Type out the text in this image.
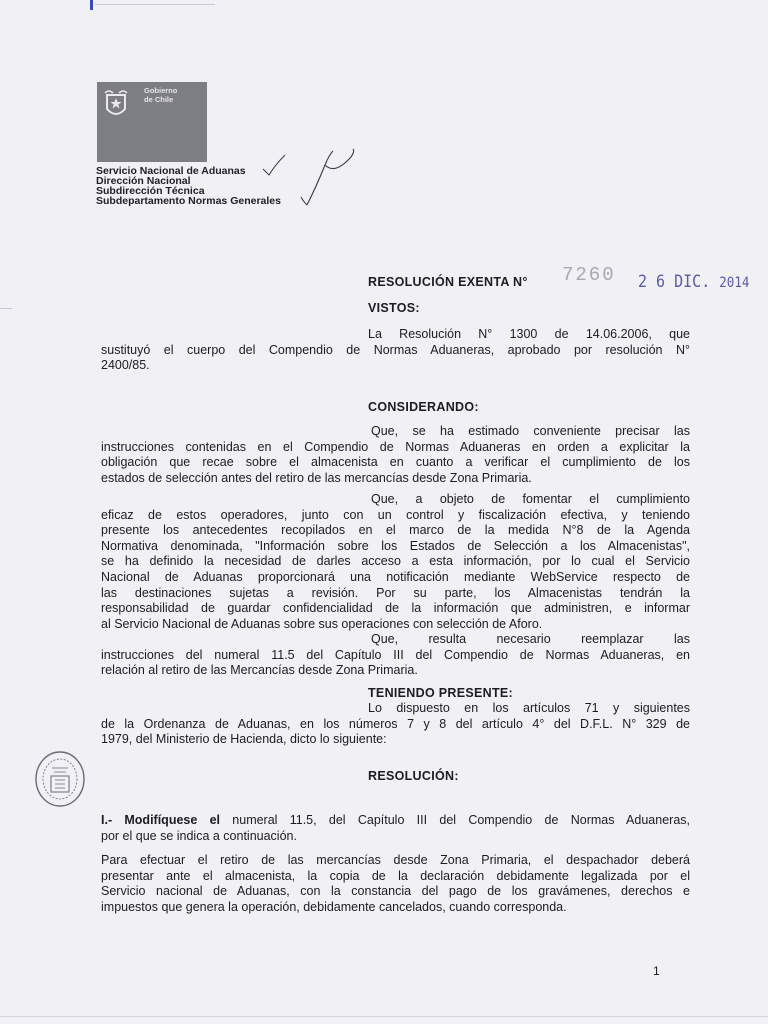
Gobierno
de Chile
Servicio Nacional de Aduanas
Dirección Nacional
Subdirección Técnica
Subdepartamento Normas Generales
RESOLUCIÓN EXENTA N° 7260 2 6 DIC. 2014
VISTOS:
La Resolución N° 1300 de 14.06.2006, que
sustituyó el cuerpo del Compendio de Normas Aduaneras, aprobado por resolución N°
2400/85.
CONSIDERANDO:
Que, se ha estimado conveniente precisar las
instrucciones contenidas en el Compendio de Normas Aduaneras en orden a explicitar la
obligación que recae sobre el almacenista en cuanto a verificar el cumplimiento de los
estados de selección antes del retiro de las mercancías desde Zona Primaria.
Que, a objeto de fomentar el cumplimiento
eficaz de estos operadores, junto con un control y fiscalización efectiva, y teniendo
presente los antecedentes recopilados en el marco de la medida N°8 de la Agenda
Normativa denominada, "Información sobre los Estados de Selección a los Almacenistas",
se ha definido la necesidad de darles acceso a esta información, por lo cual el Servicio
Nacional de Aduanas proporcionará una notificación mediante WebService respecto de
las destinaciones sujetas a revisión. Por su parte, los Almacenistas tendrán la
responsabilidad de guardar confidencialidad de la información que administren, e informar
al Servicio Nacional de Aduanas sobre sus operaciones con selección de Aforo.
Que, resulta necesario reemplazar las
instrucciones del numeral 11.5 del Capítulo III del Compendio de Normas Aduaneras, en
relación al retiro de las Mercancías desde Zona Primaria.
TENIENDO PRESENTE:
Lo dispuesto en los artículos 71 y siguientes
de la Ordenanza de Aduanas, en los números 7 y 8 del artículo 4° del D.F.L. N° 329 de
1979, del Ministerio de Hacienda, dicto lo siguiente:
RESOLUCIÓN:
I.- Modifíquese el numeral 11.5, del Capítulo III del Compendio de Normas Aduaneras,
por el que se indica a continuación.
Para efectuar el retiro de las mercancías desde Zona Primaria, el despachador deberá
presentar ante el almacenista, la copia de la declaración debidamente legalizada por el
Servicio nacional de Aduanas, con la constancia del pago de los gravámenes, derechos e
impuestos que genera la operación, debidamente cancelados, cuando corresponda.
1
